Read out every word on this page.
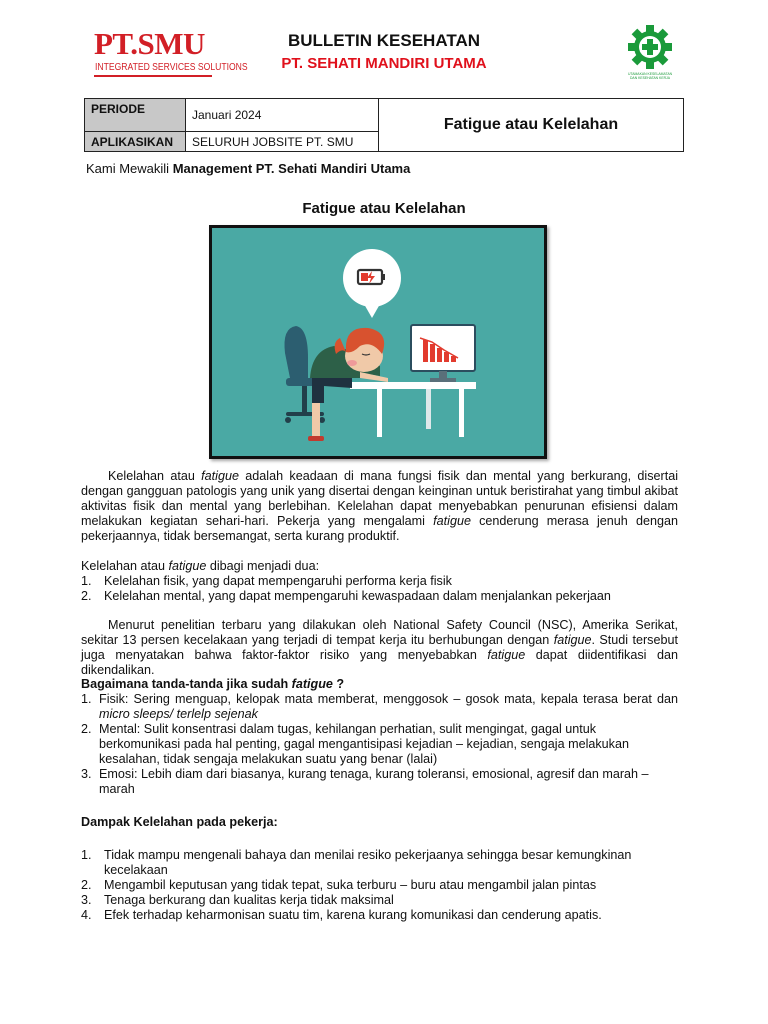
PT.SMU
INTEGRATED SERVICES SOLUTIONS
BULLETIN KESEHATAN
PT. SEHATI MANDIRI UTAMA
UTAMAKAN KESELAMATAN
DAN KESEHATAN KERJA
PERIODE	Januari 2024	Fatigue atau Kelelahan
APLIKASIKAN	SELURUH JOBSITE PT. SMU	
Kami Mewakili Management PT. Sehati Mandiri Utama
Fatigue atau Kelelahan

Kelelahan atau fatigue adalah keadaan di mana fungsi fisik dan mental yang berkurang, disertai dengan gangguan patologis yang unik yang disertai dengan keinginan untuk beristirahat yang timbul akibat aktivitas fisik dan mental yang berlebihan. Kelelahan dapat menyebabkan penurunan efisiensi dalam melakukan kegiatan sehari-hari. Pekerja yang mengalami fatigue cenderung merasa jenuh dengan pekerjaannya, tidak bersemangat, serta kurang produktif.

Kelelahan atau fatigue dibagi menjadi dua:

1. Kelelahan fisik, yang dapat mempengaruhi performa kerja fisik
2. Kelelahan mental, yang dapat mempengaruhi kewaspadaan dalam menjalankan pekerjaan

Menurut penelitian terbaru yang dilakukan oleh National Safety Council (NSC), Amerika Serikat, sekitar 13 persen kecelakaan yang terjadi di tempat kerja itu berhubungan dengan fatigue. Studi tersebut juga menyatakan bahwa faktor-faktor risiko yang menyebabkan fatigue dapat diidentifikasi dan dikendalikan.

Bagaimana tanda-tanda jika sudah fatigue ?

1. Fisik: Sering menguap, kelopak mata memberat, menggosok – gosok mata, kepala terasa berat dan micro sleeps/ terlelp sejenak
2. Mental: Sulit konsentrasi dalam tugas, kehilangan perhatian, sulit mengingat, gagal untuk berkomunikasi pada hal penting, gagal mengantisipasi kejadian – kejadian, sengaja melakukan kesalahan, tidak sengaja melakukan suatu yang benar (lalai)
3. Emosi: Lebih diam dari biasanya, kurang tenaga, kurang toleransi, emosional, agresif dan marah – marah

Dampak Kelelahan pada pekerja:

1. Tidak mampu mengenali bahaya dan menilai resiko pekerjaanya sehingga besar kemungkinan kecelakaan
2. Mengambil keputusan yang tidak tepat, suka terburu – buru atau mengambil jalan pintas
3. Tenaga berkurang dan kualitas kerja tidak maksimal
4. Efek terhadap keharmonisan suatu tim, karena kurang komunikasi dan cenderung apatis.
